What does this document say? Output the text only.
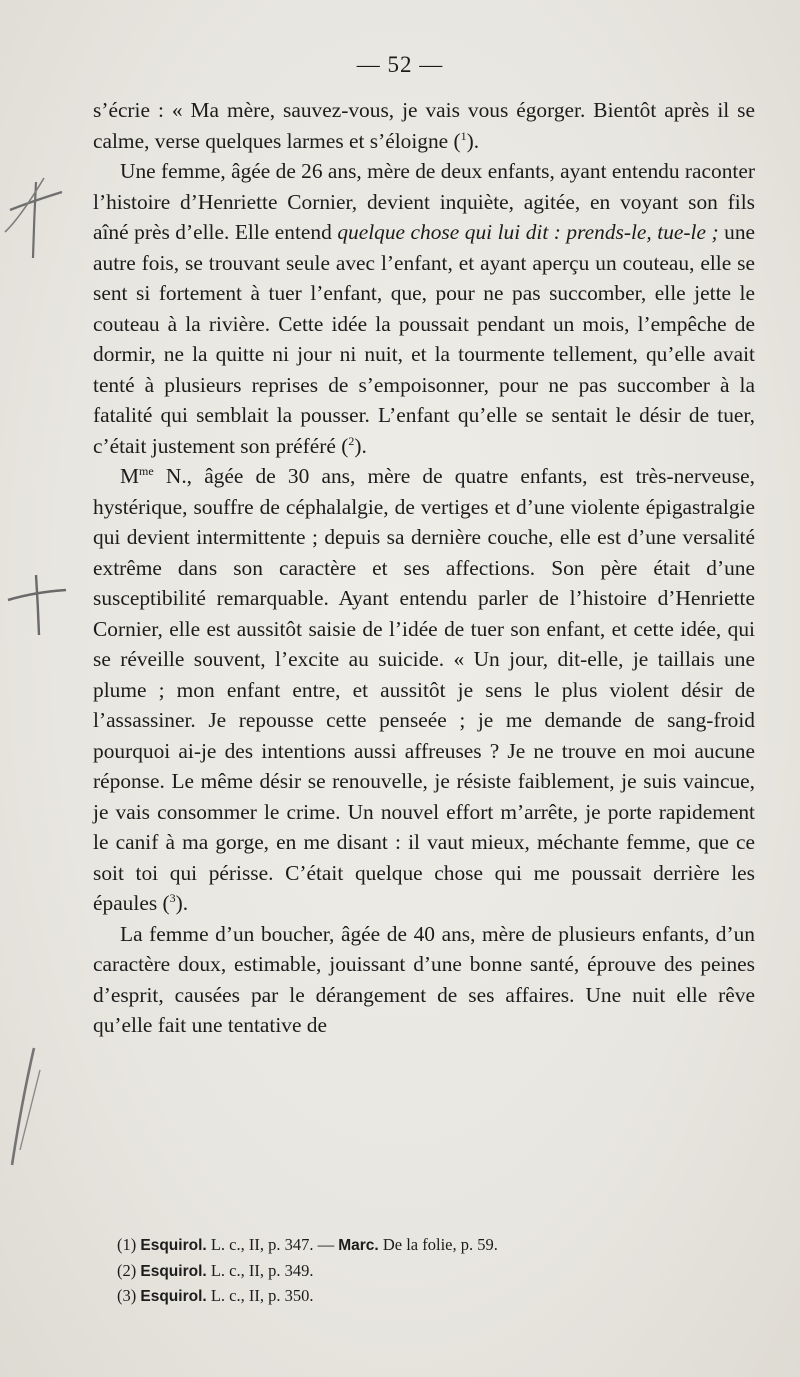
— 52 —

s’écrie : « Ma mère, sauvez-vous, je vais vous égorger. Bientôt après il se calme, verse quelques larmes et s’éloigne ($^1$).

Une femme, âgée de 26 ans, mère de deux enfants, ayant entendu raconter l’histoire d’Henriette Cornier, devient inquiète, agitée, en voyant son fils aîné près d’elle. Elle entend quelque chose qui lui dit : prends-le, tue-le ; une autre fois, se trouvant seule avec l’enfant, et ayant aperçu un couteau, elle se sent si fortement à tuer l’enfant, que, pour ne pas succomber, elle jette le couteau à la rivière. Cette idée la poussait pendant un mois, l’empêche de dormir, ne la quitte ni jour ni nuit, et la tourmente tellement, qu’elle avait tenté à plusieurs reprises de s’empoisonner, pour ne pas succomber à la fatalité qui semblait la pousser. L’enfant qu’elle se sentait le désir de tuer, c’était justement son préféré ($^2$).

$M^{me}$ N., âgée de 30 ans, mère de quatre enfants, est très-nerveuse, hystérique, souffre de céphalalgie, de vertiges et d’une violente épigastralgie qui devient intermittente ; depuis sa dernière couche, elle est d’une versalité extrême dans son caractère et ses affections. Son père était d’une susceptibilité remarquable. Ayant entendu parler de l’histoire d’Henriette Cornier, elle est aussitôt saisie de l’idée de tuer son enfant, et cette idée, qui se réveille souvent, l’excite au suicide. « Un jour, dit-elle, je taillais une plume ; mon enfant entre, et aussitôt je sens le plus violent désir de l’assassiner. Je repousse cette penseée ; je me demande de sang-froid pourquoi ai-je des intentions aussi affreuses ? Je ne trouve en moi aucune réponse. Le même désir se renouvelle, je résiste faiblement, je suis vaincue, je vais consommer le crime. Un nouvel effort m’arrête, je porte rapidement le canif à ma gorge, en me disant : il vaut mieux, méchante femme, que ce soit toi qui périsse. C’était quelque chose qui me poussait derrière les épaules ($^3$).

La femme d’un boucher, âgée de 40 ans, mère de plusieurs enfants, d’un caractère doux, estimable, jouissant d’une bonne santé, éprouve des peines d’esprit, causées par le dérangement de ses affaires. Une nuit elle rêve qu’elle fait une tentative de

(1) Esquirol. L. c., II, p. 347. — Marc. De la folie, p. 59.
(2) Esquirol. L. c., II, p. 349.
(3) Esquirol. L. c., II, p. 350.
